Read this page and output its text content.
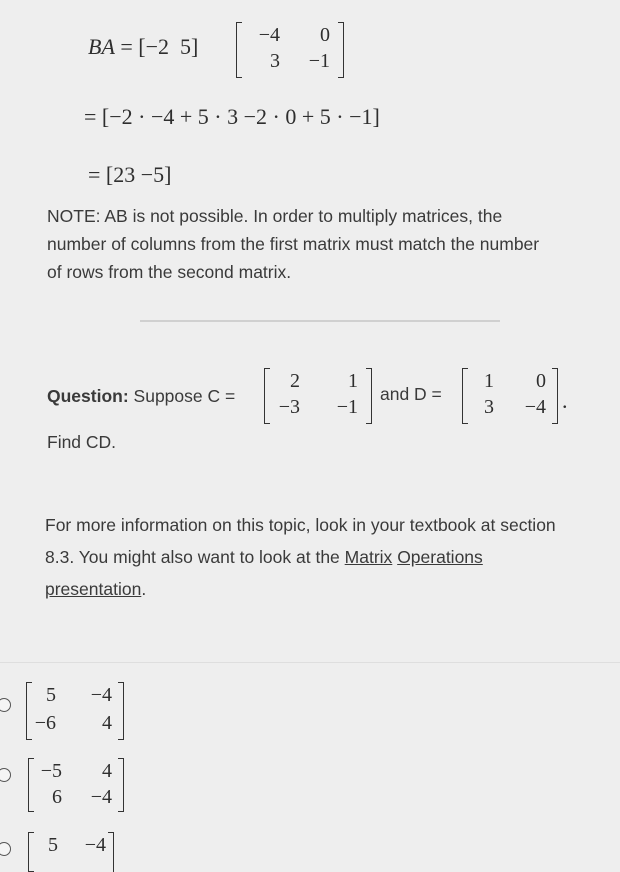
BA = [−2  5]	−4	0
3	−1
= [−2 · −4 + 5 · 3 −2 · 0 + 5 · −1]
= [23 −5]
NOTE: AB is not possible. In order to multiply matrices, the number of columns from the first matrix must match the number of rows from the second matrix.
Question: Suppose C =
2	1
−3	−1
and D =
1	0
3	−4 .
Find CD.
For more information on this topic, look in your textbook at section 8.3. You might also want to look at the Matrix Operations presentation.
5	−4
−6	4
−5	4
6	−4
5	−4
